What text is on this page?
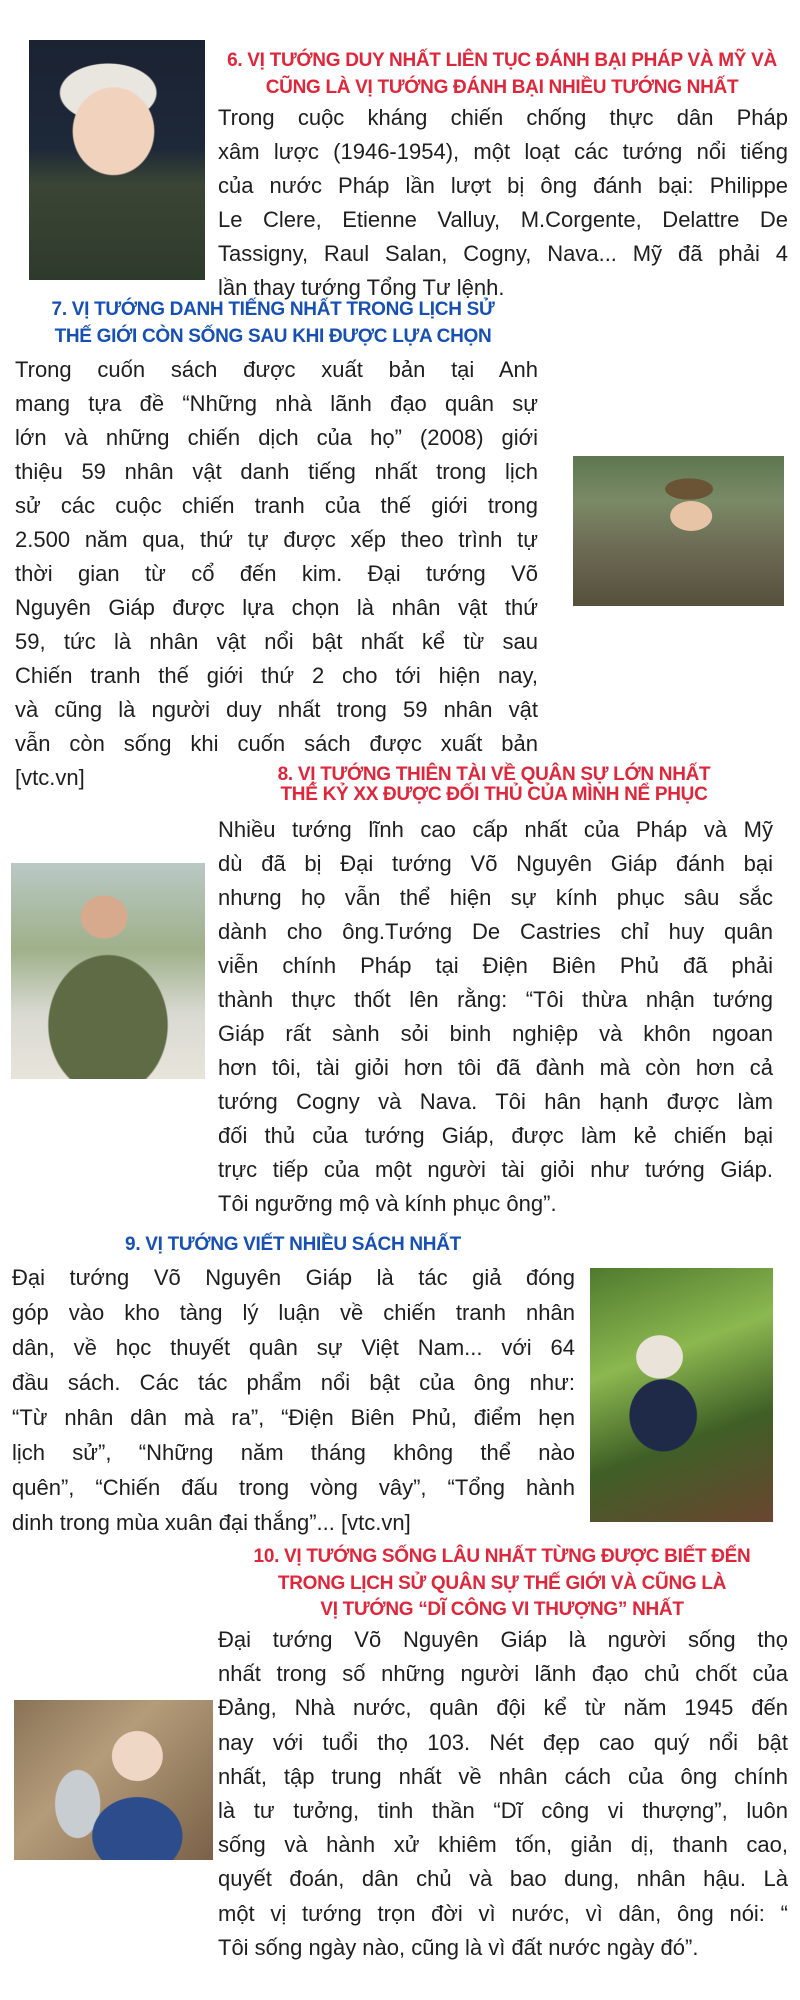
6. VỊ TƯỚNG DUY NHẤT LIÊN TỤC ĐÁNH BẠI PHÁP VÀ MỸ VÀ
CŨNG LÀ VỊ TƯỚNG ĐÁNH BẠI NHIỀU TƯỚNG NHẤT
Trong cuộc kháng chiến chống thực dân Pháp
xâm lược (1946-1954), một loạt các tướng nổi tiếng
của nước Pháp lần lượt bị ông đánh bại: Philippe
Le Clere, Etienne Valluy, M.Corgente, Delattre De
Tassigny, Raul Salan, Cogny, Nava... Mỹ đã phải 4
lần thay tướng Tổng Tư lệnh.
7. VỊ TƯỚNG DANH TIẾNG NHẤT TRONG LỊCH SỬ
THẾ GIỚI CÒN SỐNG SAU KHI ĐƯỢC LỰA CHỌN
Trong cuốn sách được xuất bản tại Anh
mang tựa đề “Những nhà lãnh đạo quân sự
lớn và những chiến dịch của họ” (2008) giới
thiệu 59 nhân vật danh tiếng nhất trong lịch
sử các cuộc chiến tranh của thế giới trong
2.500 năm qua, thứ tự được xếp theo trình tự
thời gian từ cổ đến kim. Đại tướng Võ
Nguyên Giáp được lựa chọn là nhân vật thứ
59, tức là nhân vật nổi bật nhất kể từ sau
Chiến tranh thế giới thứ 2 cho tới hiện nay,
và cũng là người duy nhất trong 59 nhân vật
vẫn còn sống khi cuốn sách được xuất bản
[vtc.vn]	8. VỊ TƯỚNG THIÊN TÀI VỀ QUÂN SỰ LỚN NHẤT
THẾ KỶ XX ĐƯỢC ĐỐI THỦ CỦA MÌNH NỂ PHỤC
Nhiều tướng lĩnh cao cấp nhất của Pháp và Mỹ
dù đã bị Đại tướng Võ Nguyên Giáp đánh bại
nhưng họ vẫn thể hiện sự kính phục sâu sắc
dành cho ông.Tướng De Castries chỉ huy quân
viễn chính Pháp tại Điện Biên Phủ đã phải
thành thực thốt lên rằng: “Tôi thừa nhận tướng
Giáp rất sành sỏi binh nghiệp và khôn ngoan
hơn tôi, tài giỏi hơn tôi đã đành mà còn hơn cả
tướng Cogny và Nava. Tôi hân hạnh được làm
đối thủ của tướng Giáp, được làm kẻ chiến bại
trực tiếp của một người tài giỏi như tướng Giáp.
Tôi ngưỡng mộ và kính phục ông”.
9. VỊ TƯỚNG VIẾT NHIỀU SÁCH NHẤT
Đại tướng Võ Nguyên Giáp là tác giả đóng
góp vào kho tàng lý luận về chiến tranh nhân
dân, về học thuyết quân sự Việt Nam... với 64
đầu sách. Các tác phẩm nổi bật của ông như:
“Từ nhân dân mà ra”, “Điện Biên Phủ, điểm hẹn
lịch sử”, “Những năm tháng không thể nào
quên”, “Chiến đấu trong vòng vây”, “Tổng hành
dinh trong mùa xuân đại thắng”... [vtc.vn]
10. VỊ TƯỚNG SỐNG LÂU NHẤT TỪNG ĐƯỢC BIẾT ĐẾN
TRONG LỊCH SỬ QUÂN SỰ THẾ GIỚI VÀ CŨNG LÀ
VỊ TƯỚNG “DĨ CÔNG VI THƯỢNG” NHẤT
Đại tướng Võ Nguyên Giáp là người sống thọ
nhất trong số những người lãnh đạo chủ chốt của
Đảng, Nhà nước, quân đội kể từ năm 1945 đến
nay với tuổi thọ 103. Nét đẹp cao quý nổi bật
nhất, tập trung nhất về nhân cách của ông chính
là tư tưởng, tinh thần “Dĩ công vi thượng”, luôn
sống và hành xử khiêm tốn, giản dị, thanh cao,
quyết đoán, dân chủ và bao dung, nhân hậu. Là
một vị tướng trọn đời vì nước, vì dân, ông nói: “
Tôi sống ngày nào, cũng là vì đất nước ngày đó”.
